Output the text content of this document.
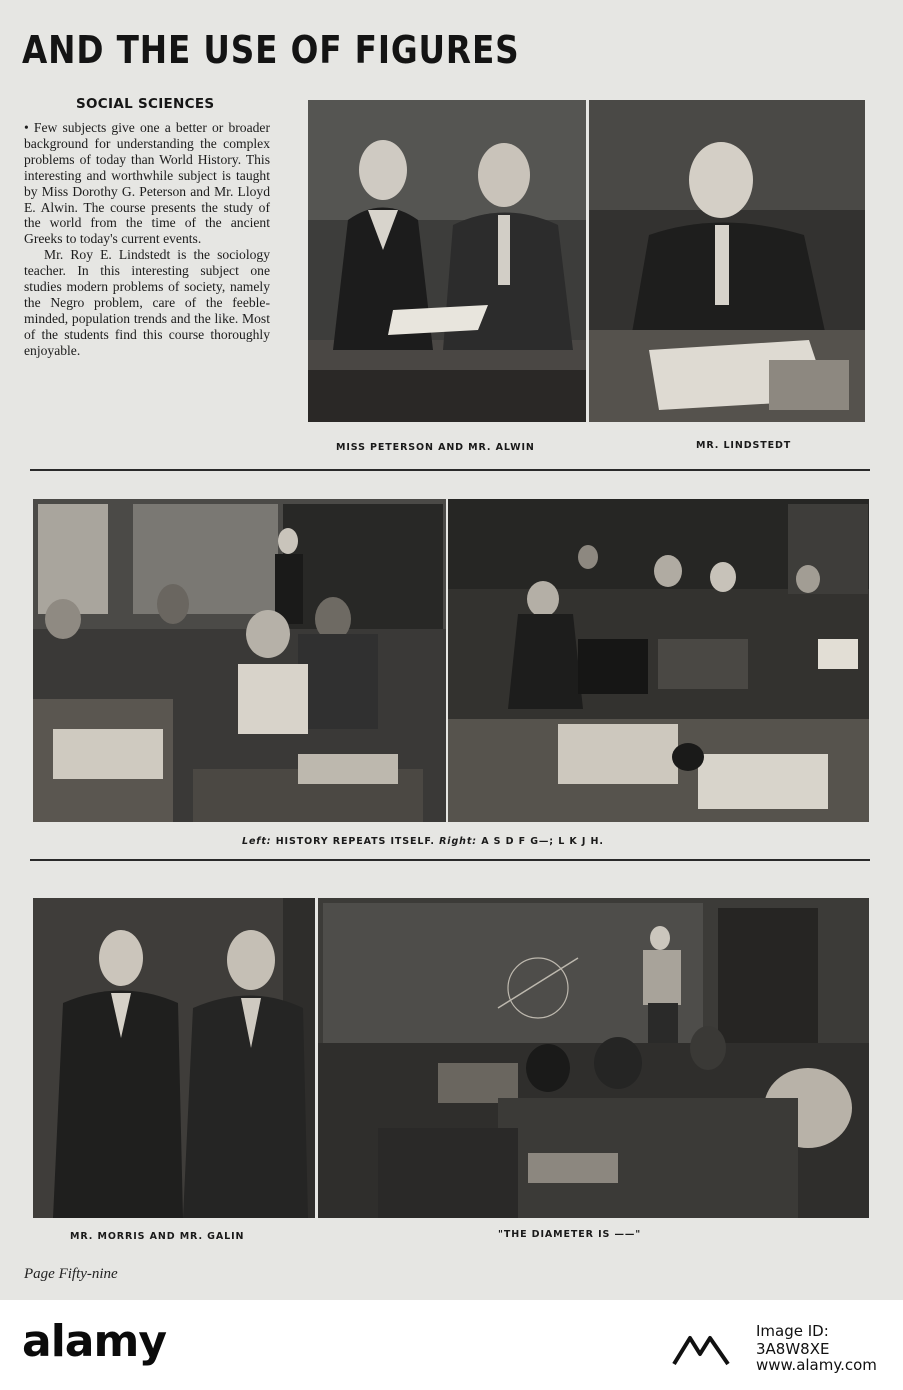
AND THE USE OF FIGURES
SOCIAL SCIENCES

• Few subjects give one a better or broader background for understanding the complex problems of today than World History. This interesting and worthwhile subject is taught by Miss Dorothy G. Peterson and Mr. Lloyd E. Alwin. The course presents the study of the world from the time of the ancient Greeks to today's current events.

Mr. Roy E. Lindstedt is the sociology teacher. In this interesting subject one studies modern problems of society, namely the Negro problem, care of the feeble-minded, population trends and the like. Most of the students find this course thoroughly enjoyable.

MISS PETERSON AND MR. ALWIN	MR. LINDSTEDT
Left: HISTORY REPEATS ITSELF. Right: A S D F G—; L K J H.
MR. MORRIS AND MR. GALIN	"THE DIAMETER IS ——"
Page Fifty-nine
alamy	Image ID: 3A8W8XE
www.alamy.com
